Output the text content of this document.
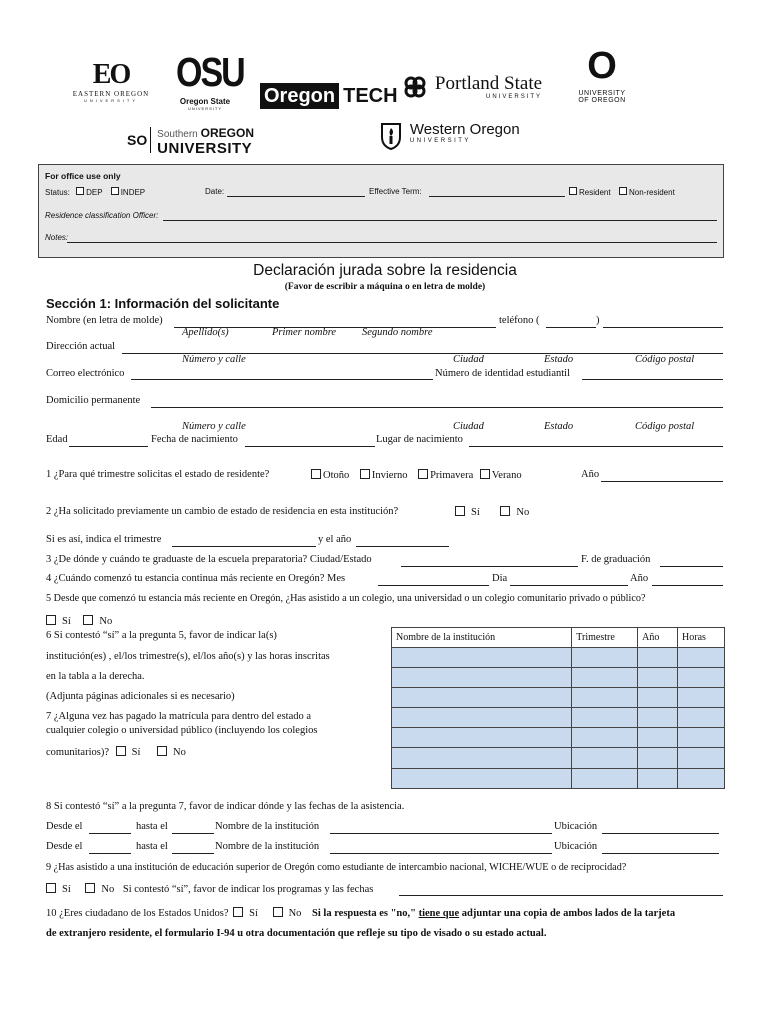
EO
EASTERN OREGON
UNIVERSITY
OSU
Oregon State
UNIVERSITY
Oregon TECH

Portland State
UNIVERSITY
O
UNIVERSITY
OF OREGON
SO Southern OREGON
UNIVERSITY

Western Oregon
UNIVERSITY
For office use only
Status: DEP INDEP	Date:	Effective Term:	Resident	Non-resident
Residence classification Officer:
Notes:
Declaración jurada sobre la residencia
(Favor de escribir a máquina o en letra de molde)
Sección 1: Información del solicitante
Nombre (en letra de molde)	teléfono (	)
Apellido(s)	Primer nombre Segundo nombre
Dirección actual
Número y calle	Ciudad	Estado	Código postal
Correo electrónico	Número de identidad estudiantil
Domicilio permanente
Número y calle	Ciudad	Estado	Código postal
Edad	Fecha de nacimiento	Lugar de nacimiento
1 ¿Para qué trimestre solicitas el estado de residente?	Otoño Invierno Primavera Verano	Año
2 ¿Ha solicitado previamente un cambio de estado de residencia en esta institución?	Sí	No
Si es así, indica el trimestre	y el año
3 ¿De dónde y cuándo te graduaste de la escuela preparatoria? Ciudad/Estado	F. de graduación
4 ¿Cuándo comenzó tu estancia continua más reciente en Oregón? Mes	Dia	Año
5 Desde que comenzó tu estancia más reciente en Oregón, ¿Has asistido a un colegio, una universidad o un colegio comunitario privado o público?
Sí	No
6 Si contestó “sí” a la pregunta 5, favor de indicar la(s)
institución(es) , el/los trimestre(s), el/los año(s) y las horas inscritas
en la tabla a la derecha.
(Adjunta páginas adicionales si es necesario)
7 ¿Alguna vez has pagado la matrícula para dentro del estado a
cualquier colegio o universidad público (incluyendo los colegios
comunitarios)? Sí	No
Nombre de la institución	Trimestre	Año	Horas

8 Si contestó “sí” a la pregunta 7, favor de indicar dónde y las fechas de la asistencia.
Desde el	hasta el	Nombre de la institución	Ubicación
Desde el	hasta el	Nombre de la institución	Ubicación
9 ¿Has asistido a una institución de educación superior de Oregón como estudiante de intercambio nacional, WICHE/WUE o de reciprocidad?
Sí	No Si contestó “sí”, favor de indicar los programas y las fechas
10 ¿Eres ciudadano de los Estados Unidos? Sí	No Si la respuesta es "no," tiene que adjuntar una copia de ambos lados de la tarjeta
de extranjero residente, el formulario I-94 u otra documentación que refleje su tipo de visado o su estado actual.
